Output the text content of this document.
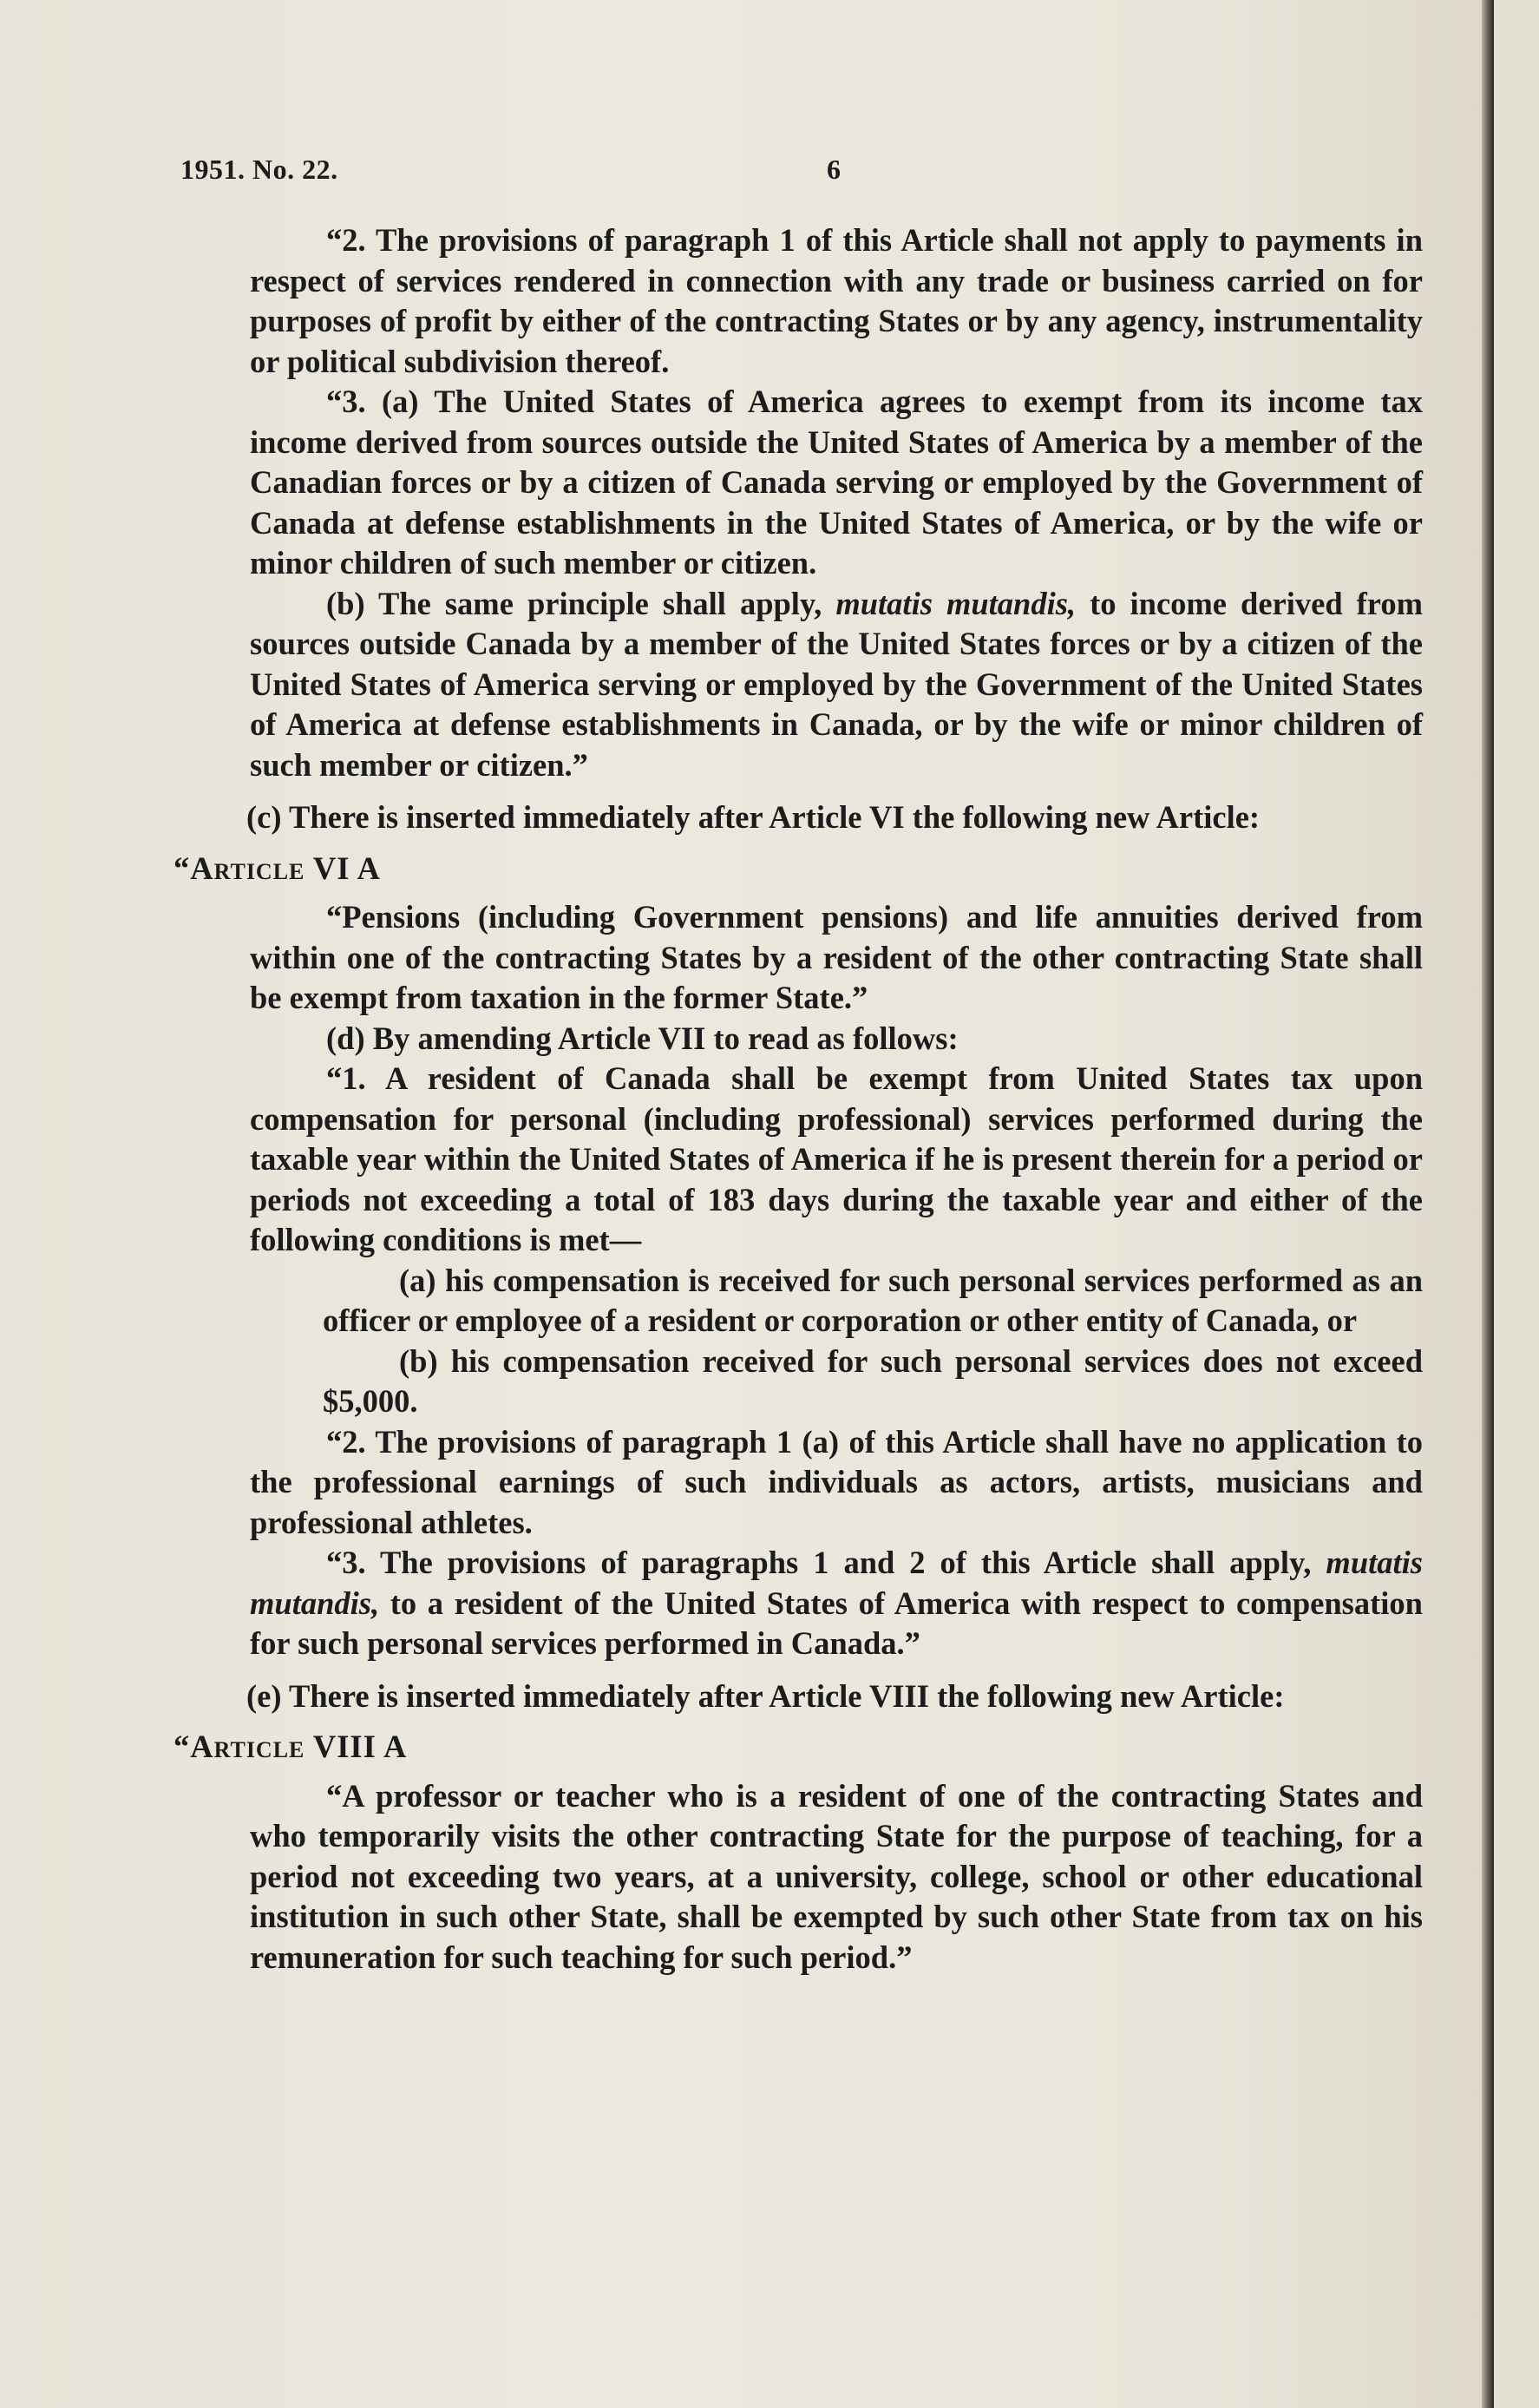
1951. No. 22.	6

“2. The provisions of paragraph 1 of this Article shall not apply to payments in respect of services rendered in connection with any trade or business carried on for purposes of profit by either of the contracting States or by any agency, instrumentality or political subdivision thereof.

“3. (a) The United States of America agrees to exempt from its income tax income derived from sources outside the United States of America by a member of the Canadian forces or by a citizen of Canada serving or employed by the Government of Canada at defense establishments in the United States of America, or by the wife or minor children of such member or citizen.

(b) The same principle shall apply, mutatis mutandis, to income derived from sources outside Canada by a member of the United States forces or by a citizen of the United States of America serving or employed by the Government of the United States of America at defense establishments in Canada, or by the wife or minor children of such member or citizen.”

(c) There is inserted immediately after Article VI the following new Article:

“Article VI A

“Pensions (including Government pensions) and life annuities derived from within one of the contracting States by a resident of the other contracting State shall be exempt from taxation in the former State.”

(d) By amending Article VII to read as follows:

“1. A resident of Canada shall be exempt from United States tax upon compensation for personal (including professional) services performed during the taxable year within the United States of America if he is present therein for a period or periods not exceeding a total of 183 days during the taxable year and either of the following conditions is met—

(a) his compensation is received for such personal services performed as an officer or employee of a resident or corporation or other entity of Canada, or

(b) his compensation received for such personal services does not exceed $5,000.

“2. The provisions of paragraph 1 (a) of this Article shall have no application to the professional earnings of such individuals as actors, artists, musicians and professional athletes.

“3. The provisions of paragraphs 1 and 2 of this Article shall apply, mutatis mutandis, to a resident of the United States of America with respect to compensation for such personal services performed in Canada.”

(e) There is inserted immediately after Article VIII the following new Article:

“Article VIII A

“A professor or teacher who is a resident of one of the contracting States and who temporarily visits the other contracting State for the purpose of teaching, for a period not exceeding two years, at a university, college, school or other educational institution in such other State, shall be exempted by such other State from tax on his remuneration for such teaching for such period.”
